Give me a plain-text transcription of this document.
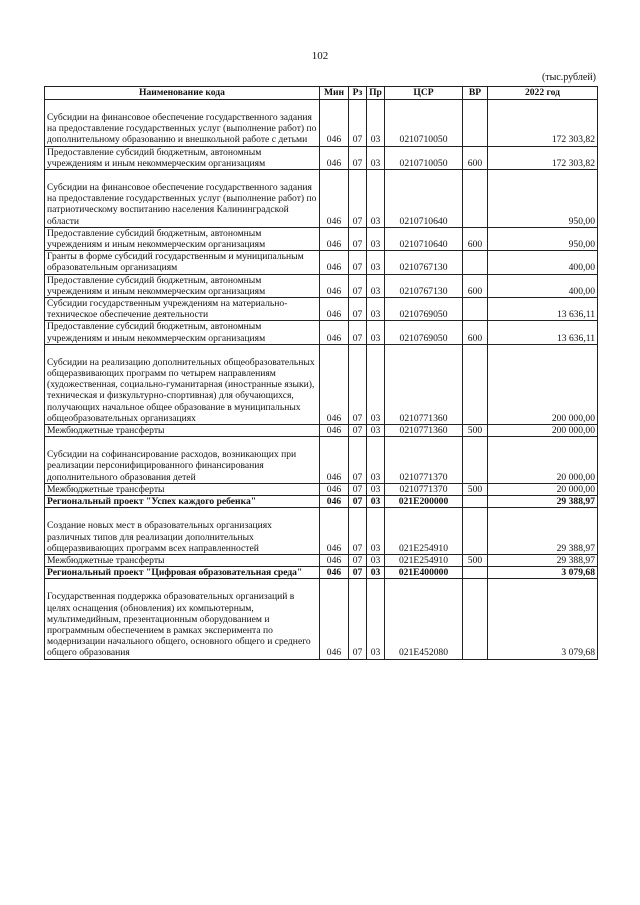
102
(тыс.рублей)
Наименование кода	Мин	Рз	Пр	ЦСР	ВР	2022 год
Субсидии на финансовое обеспечение государственного задания на предоставление государственных услуг (выполнение работ) по дополнительному образованию и внешкольной работе с детьми	046	07	03	0210710050		172 303,82
Предоставление субсидий бюджетным, автономным учреждениям и иным некоммерческим организациям	046	07	03	0210710050	600	172 303,82
Субсидии на финансовое обеспечение государственного задания на предоставление государственных услуг (выполнение работ) по патриотическому воспитанию населения Калининградской области	046	07	03	0210710640		950,00
Предоставление субсидий бюджетным, автономным учреждениям и иным некоммерческим организациям	046	07	03	0210710640	600	950,00
Гранты в форме субсидий государственным и муниципальным образовательным организациям	046	07	03	0210767130		400,00
Предоставление субсидий бюджетным, автономным учреждениям и иным некоммерческим организациям	046	07	03	0210767130	600	400,00
Субсидии государственным учреждениям на материально-техническое обеспечение деятельности	046	07	03	0210769050		13 636,11
Предоставление субсидий бюджетным, автономным учреждениям и иным некоммерческим организациям	046	07	03	0210769050	600	13 636,11
Субсидии на реализацию дополнительных общеобразовательных общеразвивающих программ по четырем направлениям (художественная, социально-гуманитарная (иностранные языки), техническая и физкультурно-спортивная) для обучающихся, получающих начальное общее образование в муниципальных общеобразовательных организациях	046	07	03	0210771360		200 000,00
Межбюджетные трансферты	046	07	03	0210771360	500	200 000,00
Субсидии на софинансирование расходов, возникающих при реализации персонифицированного финансирования дополнительного образования детей	046	07	03	0210771370		20 000,00
Межбюджетные трансферты	046	07	03	0210771370	500	20 000,00
Региональный проект "Успех каждого ребенка"	046	07	03	021Е200000		29 388,97
Создание новых мест в образовательных организациях различных типов для реализации дополнительных общеразвивающих программ всех направленностей	046	07	03	021Е254910		29 388,97
Межбюджетные трансферты	046	07	03	021Е254910	500	29 388,97
Региональный проект "Цифровая образовательная среда"	046	07	03	021Е400000		3 079,68
Государственная поддержка образовательных организаций в целях оснащения (обновления) их компьютерным, мультимедийным, презентационным оборудованием и программным обеспечением в рамках эксперимента по модернизации начального общего, основного общего и среднего общего образования	046	07	03	021Е452080		3 079,68
